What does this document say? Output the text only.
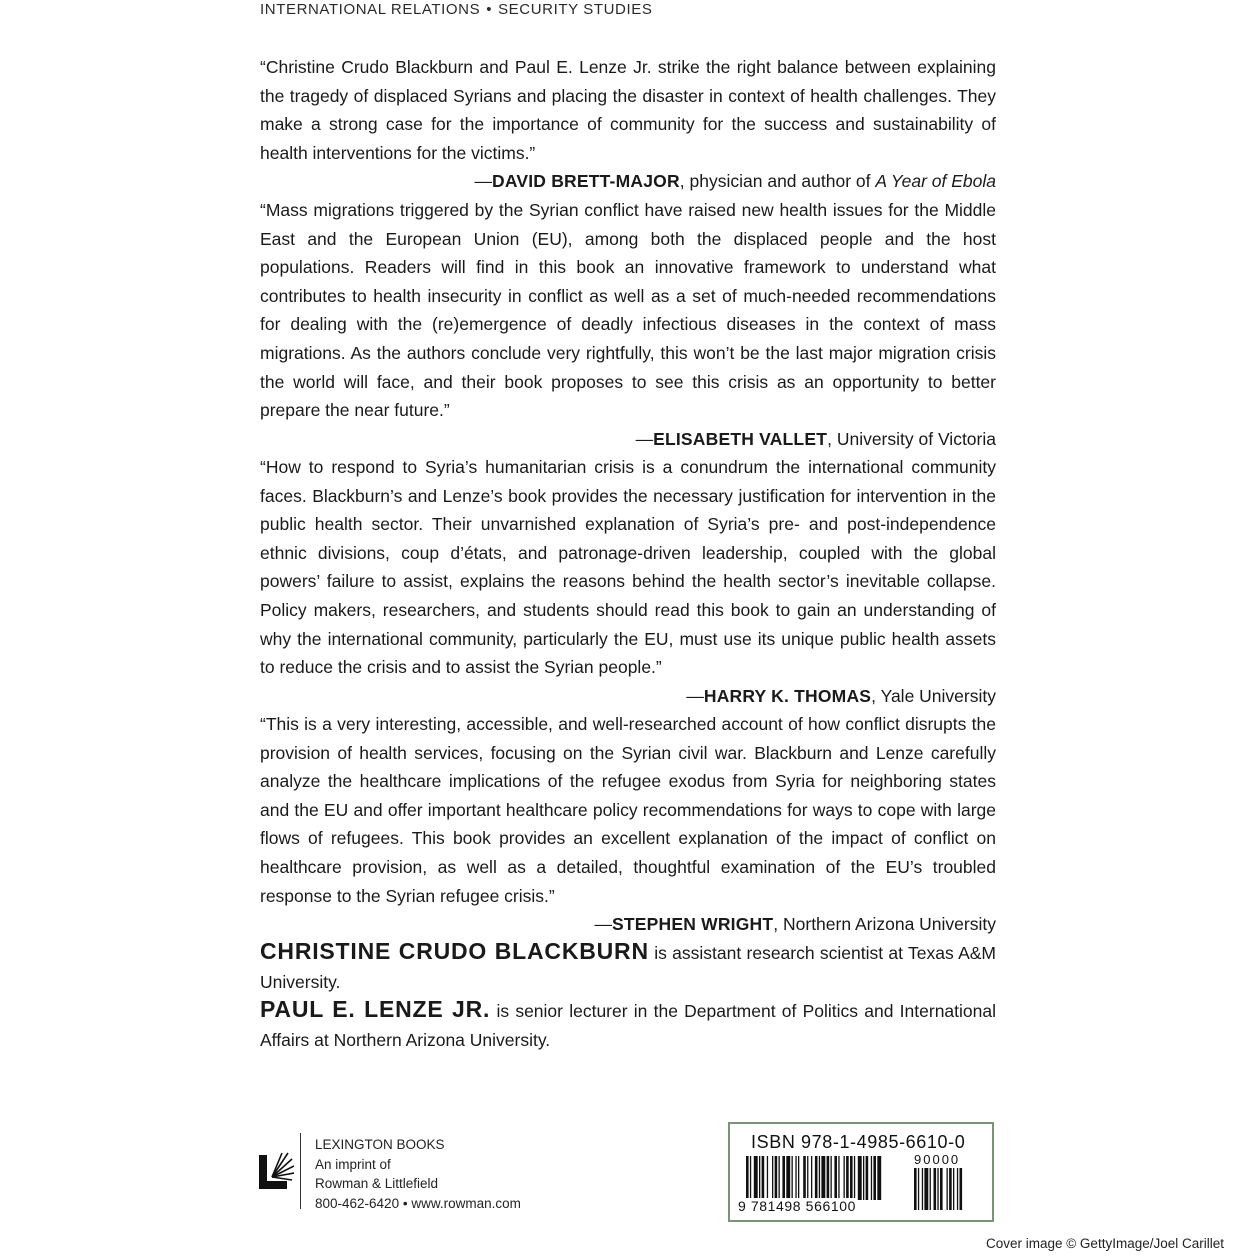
INTERNATIONAL RELATIONS • SECURITY STUDIES
“Christine Crudo Blackburn and Paul E. Lenze Jr. strike the right balance between explaining the tragedy of displaced Syrians and placing the disaster in context of health challenges. They make a strong case for the importance of community for the success and sustainability of health interventions for the victims.”
—DAVID BRETT-MAJOR, physician and author of A Year of Ebola
“Mass migrations triggered by the Syrian conflict have raised new health issues for the Middle East and the European Union (EU), among both the displaced people and the host populations. Readers will find in this book an innovative framework to understand what contributes to health insecurity in conflict as well as a set of much-needed recommendations for dealing with the (re)emergence of deadly infectious diseases in the context of mass migrations. As the authors conclude very rightfully, this won’t be the last major migration crisis the world will face, and their book proposes to see this crisis as an opportunity to better prepare the near future.”
—ELISABETH VALLET, University of Victoria
“How to respond to Syria’s humanitarian crisis is a conundrum the international community faces. Blackburn’s and Lenze’s book provides the necessary justification for intervention in the public health sector. Their unvarnished explanation of Syria’s pre- and post-independence ethnic divisions, coup d’états, and patronage-driven leadership, coupled with the global powers’ failure to assist, explains the reasons behind the health sector’s inevitable collapse. Policy makers, researchers, and students should read this book to gain an understanding of why the international community, particularly the EU, must use its unique public health assets to reduce the crisis and to assist the Syrian people.”
—HARRY K. THOMAS, Yale University
“This is a very interesting, accessible, and well-researched account of how conflict disrupts the provision of health services, focusing on the Syrian civil war. Blackburn and Lenze carefully analyze the healthcare implications of the refugee exodus from Syria for neighboring states and the EU and offer important healthcare policy recommendations for ways to cope with large flows of refugees. This book provides an excellent explanation of the impact of conflict on healthcare provision, as well as a detailed, thoughtful examination of the EU’s troubled response to the Syrian refugee crisis.”
—STEPHEN WRIGHT, Northern Arizona University
CHRISTINE CRUDO BLACKBURN is assistant research scientist at Texas A&M University.
PAUL E. LENZE JR. is senior lecturer in the Department of Politics and International Affairs at Northern Arizona University.
LEXINGTON BOOKS
An imprint of
Rowman & Littlefield
800-462-6420 • www.rowman.com
ISBN 978-1-4985-6610-0
90000
9 781498 566100
Cover image © GettyImage/Joel Carillet
